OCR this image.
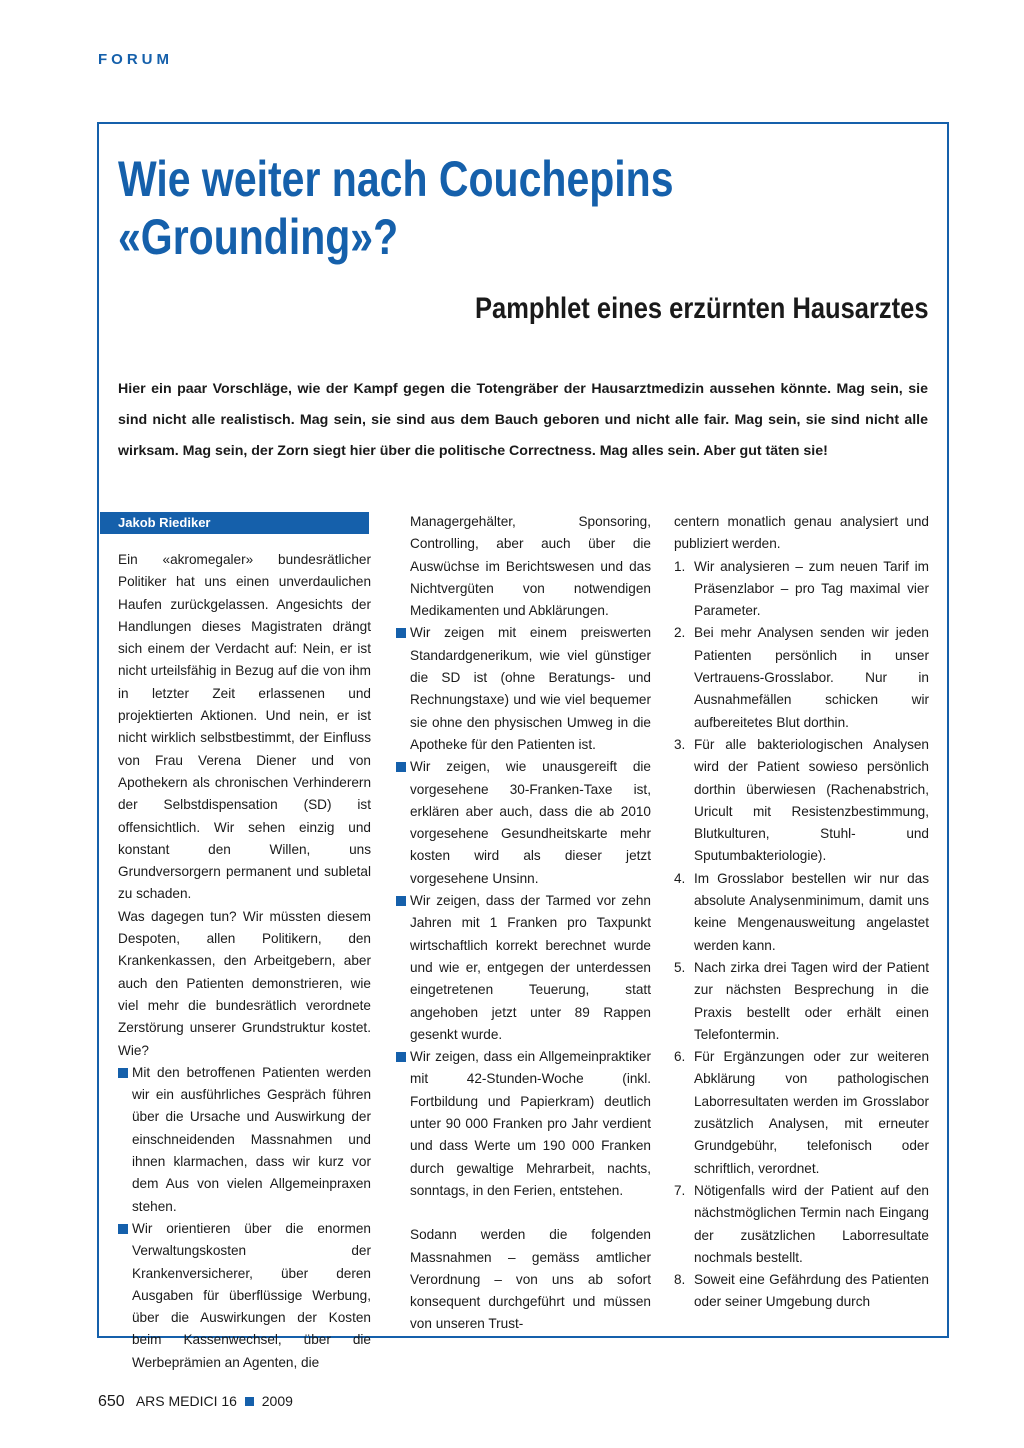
FORUM
Wie weiter nach Couchepins «Grounding»?
Pamphlet eines erzürnten Hausarztes

Hier ein paar Vorschläge, wie der Kampf gegen die Totengräber der Hausarztmedizin aussehen könnte. Mag sein, sie sind nicht alle realistisch. Mag sein, sie sind aus dem Bauch geboren und nicht alle fair. Mag sein, sie sind nicht alle wirksam. Mag sein, der Zorn siegt hier über die politische Correctness. Mag alles sein. Aber gut täten sie!

Jakob Riediker

Ein «akromegaler» bundesrätlicher Politiker hat uns einen unverdaulichen Haufen zurückgelassen. Angesichts der Handlungen dieses Magistraten drängt sich einem der Verdacht auf: Nein, er ist nicht urteilsfähig in Bezug auf die von ihm in letzter Zeit erlassenen und projektierten Aktionen. Und nein, er ist nicht wirklich selbstbestimmt, der Einfluss von Frau Verena Diener und von Apothekern als chronischen Verhinderern der Selbstdispensation (SD) ist offensichtlich. Wir sehen einzig und konstant den Willen, uns Grundversorgern permanent und subletal zu schaden.

Was dagegen tun? Wir müssten diesem Despoten, allen Politikern, den Krankenkassen, den Arbeitgebern, aber auch den Patienten demonstrieren, wie viel mehr die bundesrätlich verordnete Zerstörung unserer Grundstruktur kostet. Wie?

Mit den betroffenen Patienten werden wir ein ausführliches Gespräch führen über die Ursache und Auswirkung der einschneidenden Massnahmen und ihnen klarmachen, dass wir kurz vor dem Aus von vielen Allgemeinpraxen stehen.
Wir orientieren über die enormen Verwaltungskosten der Krankenversicherer, über deren Ausgaben für überflüssige Werbung, über die Auswirkungen der Kosten beim Kassenwechsel, über die Werbeprämien an Agenten, die

Managergehälter, Sponsoring, Controlling, aber auch über die Auswüchse im Berichtswesen und das Nichtvergüten von notwendigen Medikamenten und Abklärungen.

Wir zeigen mit einem preiswerten Standardgenerikum, wie viel günstiger die SD ist (ohne Beratungs- und Rechnungstaxe) und wie viel bequemer sie ohne den physischen Umweg in die Apotheke für den Patienten ist.
Wir zeigen, wie unausgereift die vorgesehene 30-Franken-Taxe ist, erklären aber auch, dass die ab 2010 vorgesehene Gesundheitskarte mehr kosten wird als dieser jetzt vorgesehene Unsinn.
Wir zeigen, dass der Tarmed vor zehn Jahren mit 1 Franken pro Taxpunkt wirtschaftlich korrekt berechnet wurde und wie er, entgegen der unterdessen eingetretenen Teuerung, statt angehoben jetzt unter 89 Rappen gesenkt wurde.
Wir zeigen, dass ein Allgemeinpraktiker mit 42-Stunden-Woche (inkl. Fortbildung und Papierkram) deutlich unter 90 000 Franken pro Jahr verdient und dass Werte um 190 000 Franken durch gewaltige Mehrarbeit, nachts, sonntags, in den Ferien, entstehen.

Sodann werden die folgenden Massnahmen – gemäss amtlicher Verordnung – von uns ab sofort konsequent durchgeführt und müssen von unseren Trust-

centern monatlich genau analysiert und publiziert werden.

1. Wir analysieren – zum neuen Tarif im Präsenzlabor – pro Tag maximal vier Parameter.
2. Bei mehr Analysen senden wir jeden Patienten persönlich in unser Vertrauens-Grosslabor. Nur in Ausnahmefällen schicken wir aufbereitetes Blut dorthin.
3. Für alle bakteriologischen Analysen wird der Patient sowieso persönlich dorthin überwiesen (Rachenabstrich, Uricult mit Resistenzbestimmung, Blutkulturen, Stuhl- und Sputumbakteriologie).
4. Im Grosslabor bestellen wir nur das absolute Analysenminimum, damit uns keine Mengenausweitung angelastet werden kann.
5. Nach zirka drei Tagen wird der Patient zur nächsten Besprechung in die Praxis bestellt oder erhält einen Telefontermin.
6. Für Ergänzungen oder zur weiteren Abklärung von pathologischen Laborresultaten werden im Grosslabor zusätzlich Analysen, mit erneuter Grundgebühr, telefonisch oder schriftlich, verordnet.
7. Nötigenfalls wird der Patient auf den nächstmöglichen Termin nach Eingang der zusätzlichen Laborresultate nochmals bestellt.
8. Soweit eine Gefährdung des Patienten oder seiner Umgebung durch
650 ARS MEDICI 16 2009
